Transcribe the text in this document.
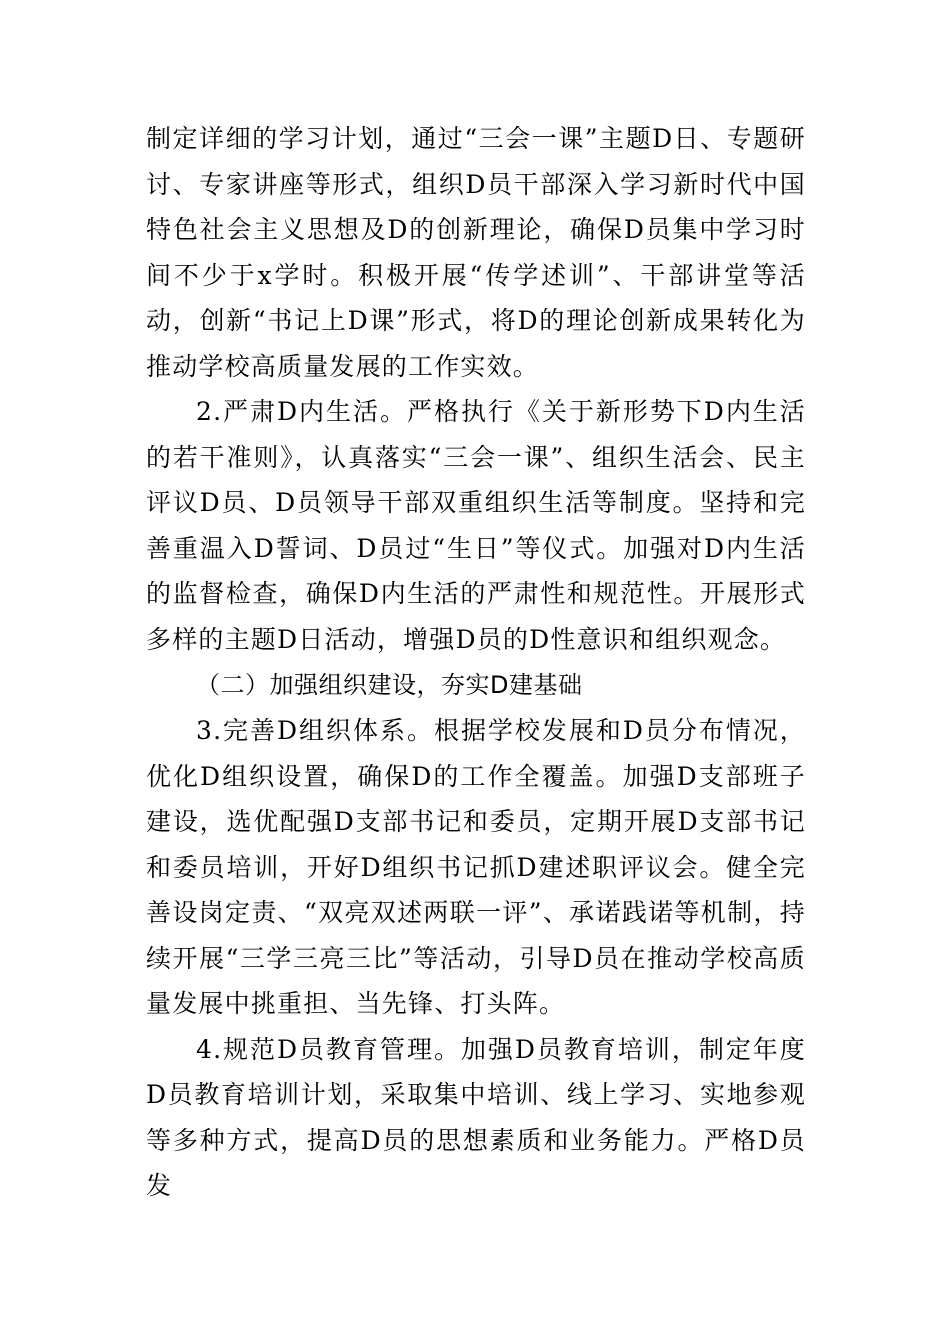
制定详细的学习计划，通过“三会一课”主题D日、专题研讨、专家讲座等形式，组织D员干部深入学习新时代中国特色社会主义思想及D的创新理论，确保D员集中学习时间不少于x学时。积极开展“传学述训”、干部讲堂等活动，创新“书记上D课”形式，将D的理论创新成果转化为推动学校高质量发展的工作实效。

2.严肃D内生活。严格执行《关于新形势下D内生活的若干准则》，认真落实“三会一课”、组织生活会、民主评议D员、D员领导干部双重组织生活等制度。坚持和完善重温入D誓词、D员过“生日”等仪式。加强对D内生活的监督检查，确保D内生活的严肃性和规范性。开展形式多样的主题D日活动，增强D员的D性意识和组织观念。

（二）加强组织建设，夯实D建基础

3.完善D组织体系。根据学校发展和D员分布情况，优化D组织设置，确保D的工作全覆盖。加强D支部班子建设，选优配强D支部书记和委员，定期开展D支部书记和委员培训，开好D组织书记抓D建述职评议会。健全完善设岗定责、“双亮双述两联一评”、承诺践诺等机制，持续开展“三学三亮三比”等活动，引导D员在推动学校高质量发展中挑重担、当先锋、打头阵。

4.规范D员教育管理。加强D员教育培训，制定年度D员教育培训计划，采取集中培训、线上学习、实地参观等多种方式，提高D员的思想素质和业务能力。严格D员发
